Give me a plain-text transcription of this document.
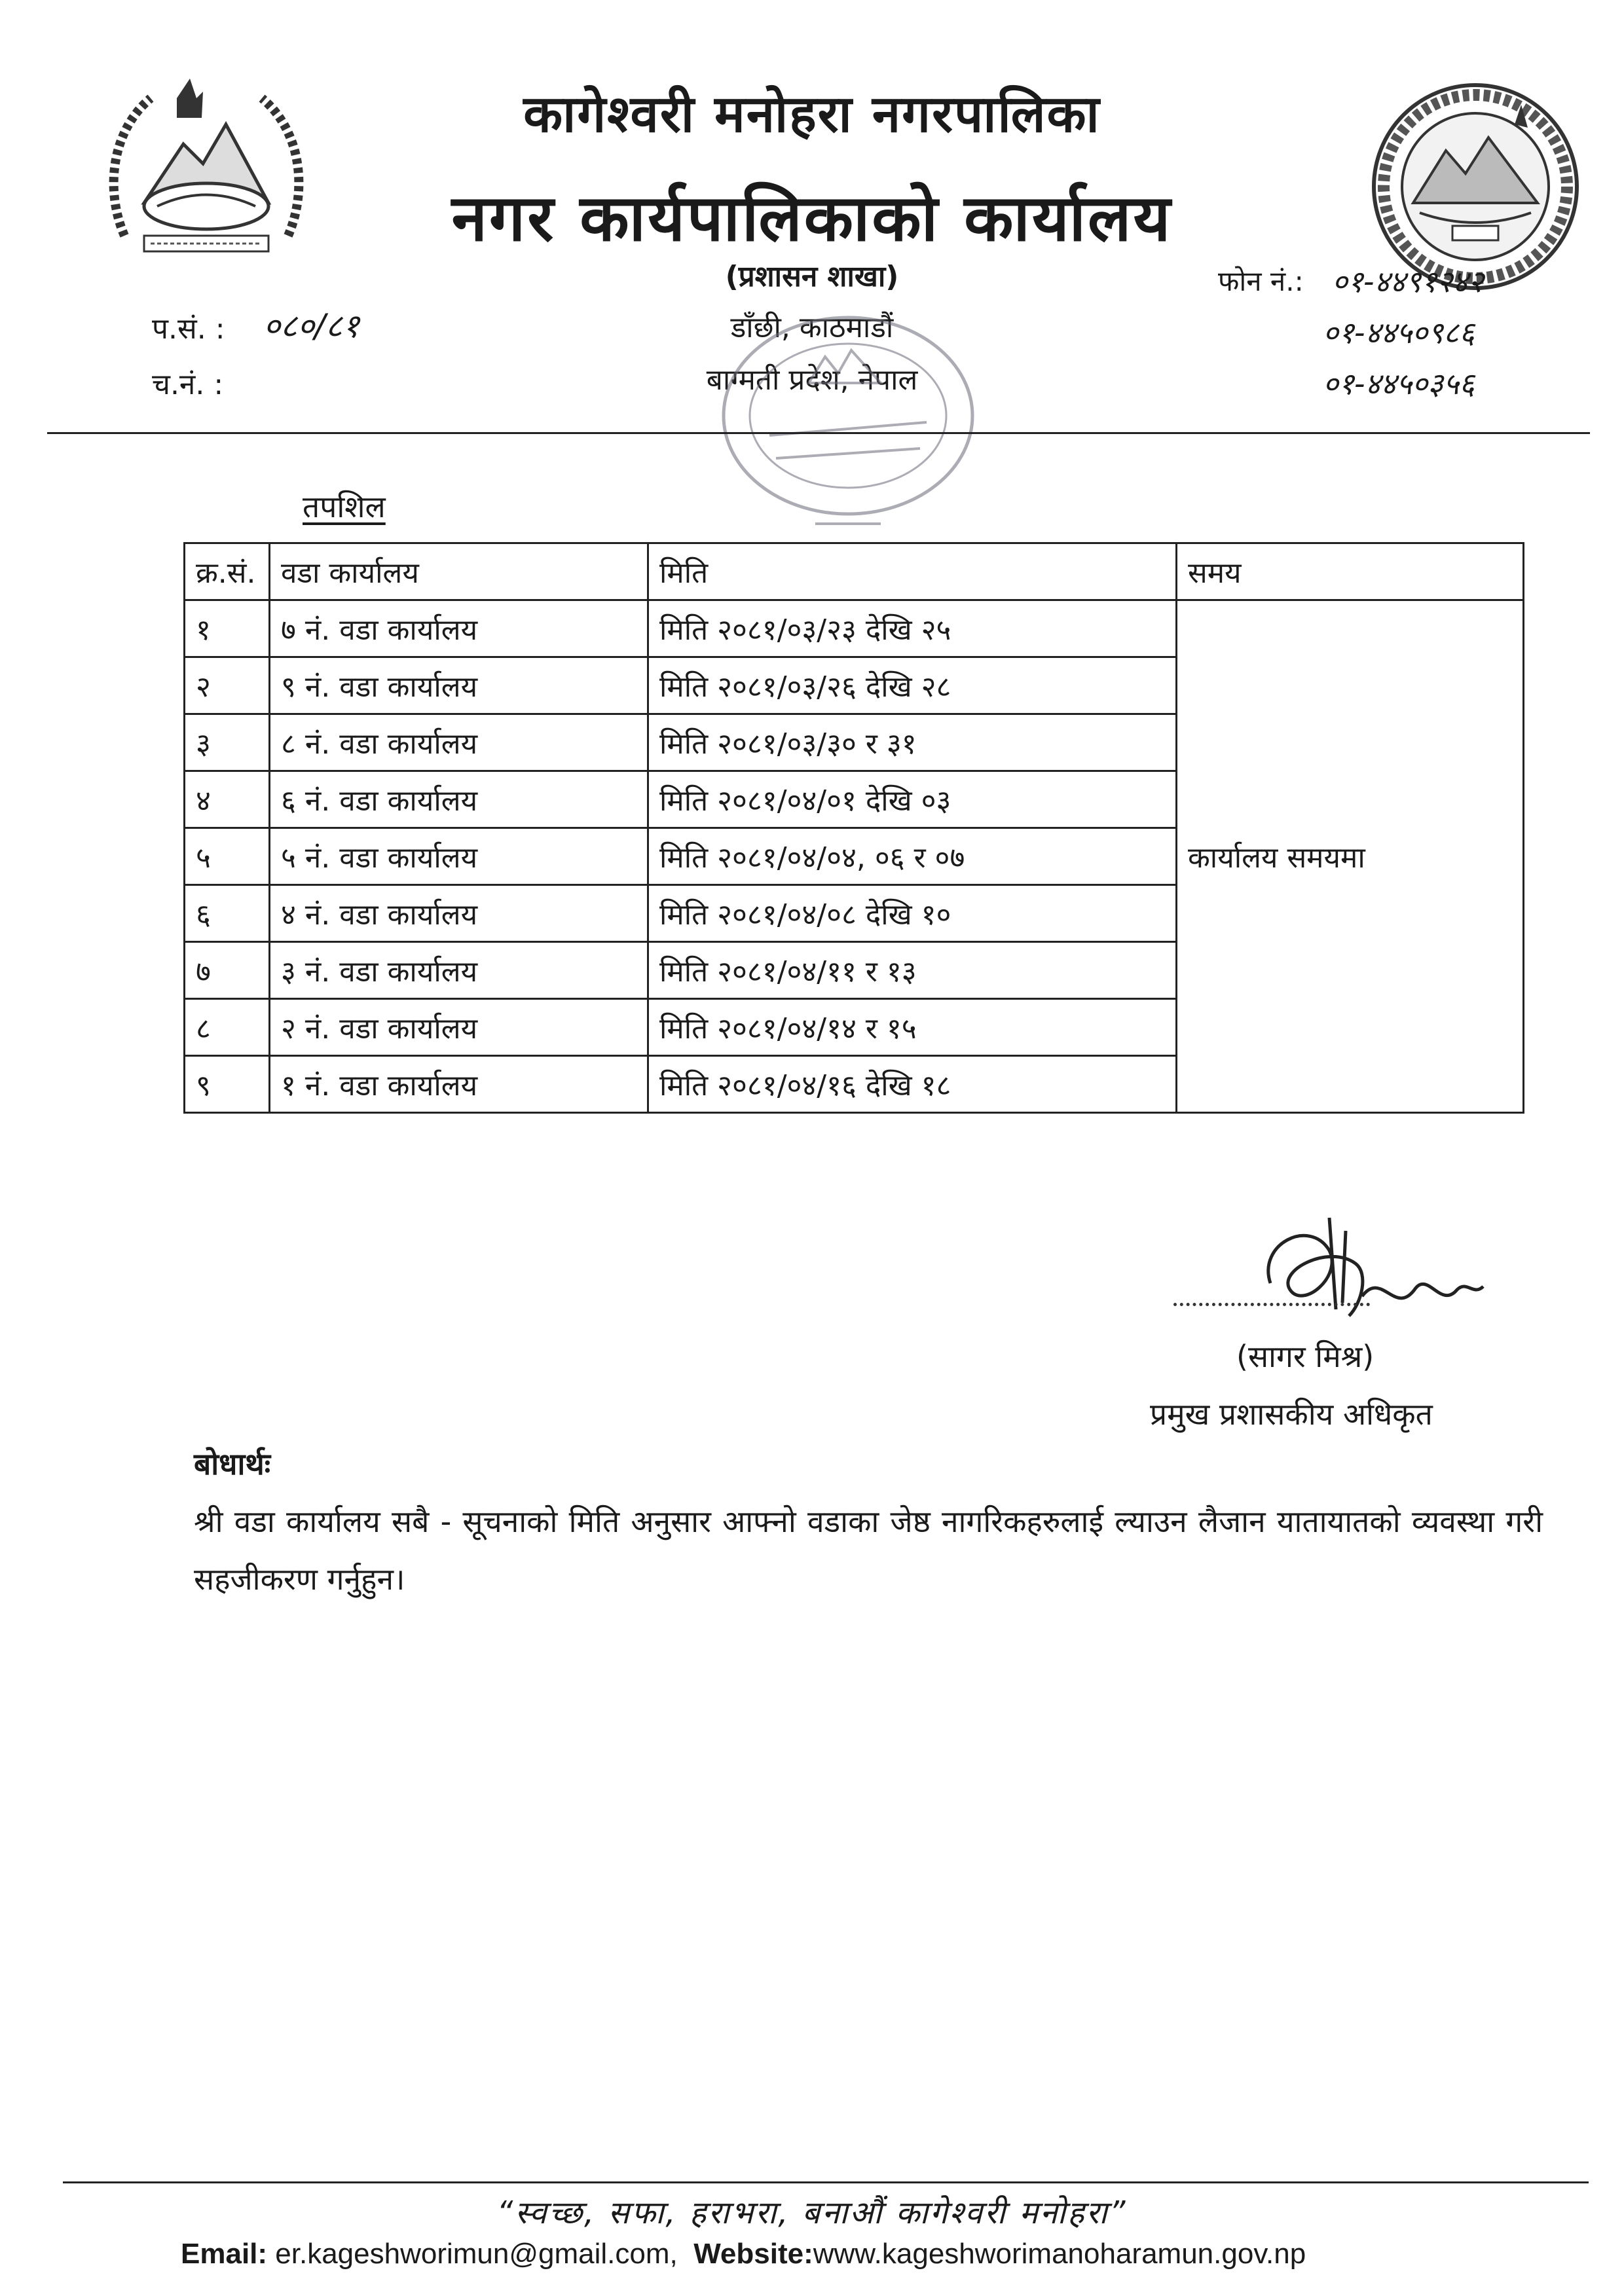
कागेश्वरी मनोहरा नगरपालिका
नगर कार्यपालिकाको कार्यालय
(प्रशासन शाखा)
डाँछी, काठमाडौं
बाग्मती प्रदेश, नेपाल
प.सं. : ०८०/८१
च.नं. :
फोन नं.: ०१-४४९१२४२
०१-४४५०९८६
०१-४४५०३५६
तपशिल
क्र.सं.	वडा कार्यालय	मिति	समय
१	७ नं. वडा कार्यालय	मिति २०८१/०३/२३ देखि २५	कार्यालय समयमा
२	९ नं. वडा कार्यालय	मिति २०८१/०३/२६ देखि २८	
३	८ नं. वडा कार्यालय	मिति २०८१/०३/३० र ३१	
४	६ नं. वडा कार्यालय	मिति २०८१/०४/०१ देखि ०३	
५	५ नं. वडा कार्यालय	मिति २०८१/०४/०४, ०६ र ०७	
६	४ नं. वडा कार्यालय	मिति २०८१/०४/०८ देखि १०	
७	३ नं. वडा कार्यालय	मिति २०८१/०४/११ र १३	
८	२ नं. वडा कार्यालय	मिति २०८१/०४/१४ र १५	
९	१ नं. वडा कार्यालय	मिति २०८१/०४/१६ देखि १८	
(सागर मिश्र)
प्रमुख प्रशासकीय अधिकृत
बोधार्थः
श्री वडा कार्यालय सबै - सूचनाको मिति अनुसार आफ्नो वडाका जेष्ठ नागरिकहरुलाई ल्याउन लैजान यातायातको व्यवस्था गरी सहजीकरण गर्नुहुन।
“स्वच्छ, सफा, हराभरा, बनाऔं कागेश्वरी मनोहरा”
Email: er.kageshworimun@gmail.com, Website:www.kageshworimanoharamun.gov.np
